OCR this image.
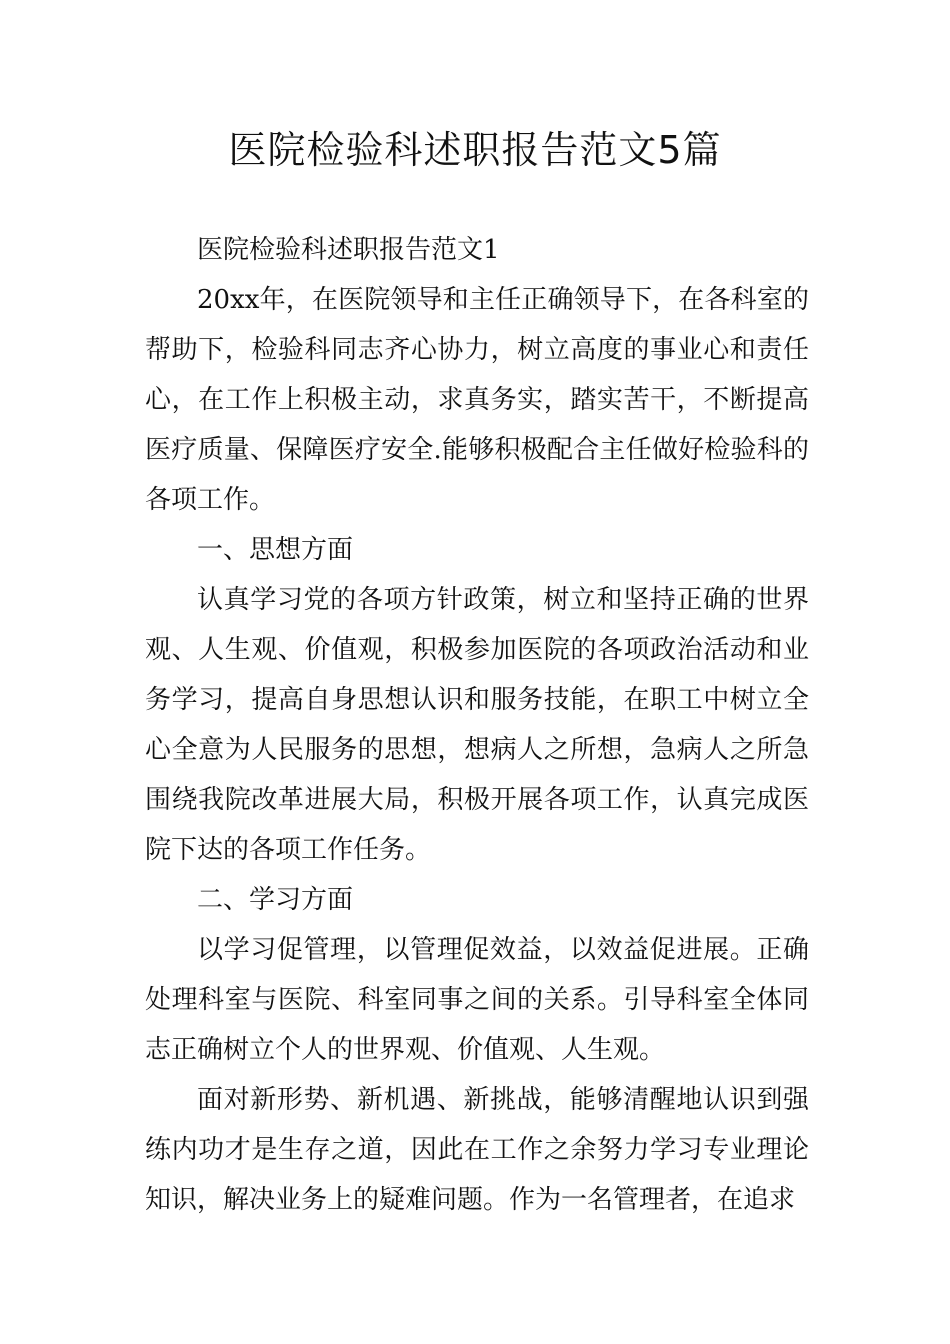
医院检验科述职报告范文5篇

医院检验科述职报告范文1

20xx年，在医院领导和主任正确领导下，在各科室的帮助下，检验科同志齐心协力，树立高度的事业心和责任心，在工作上积极主动，求真务实，踏实苦干，不断提高医疗质量、保障医疗安全.能够积极配合主任做好检验科的各项工作。

一、思想方面

认真学习党的各项方针政策，树立和坚持正确的世界观、人生观、价值观，积极参加医院的各项政治活动和业务学习，提高自身思想认识和服务技能，在职工中树立全心全意为人民服务的思想，想病人之所想，急病人之所急围绕我院改革进展大局，积极开展各项工作，认真完成医院下达的各项工作任务。

二、学习方面

以学习促管理，以管理促效益，以效益促进展。正确处理科室与医院、科室同事之间的关系。引导科室全体同志正确树立个人的世界观、价值观、人生观。

面对新形势、新机遇、新挑战，能够清醒地认识到强练内功才是生存之道，因此在工作之余努力学习专业理论知识，解决业务上的疑难问题。作为一名管理者，在追求
